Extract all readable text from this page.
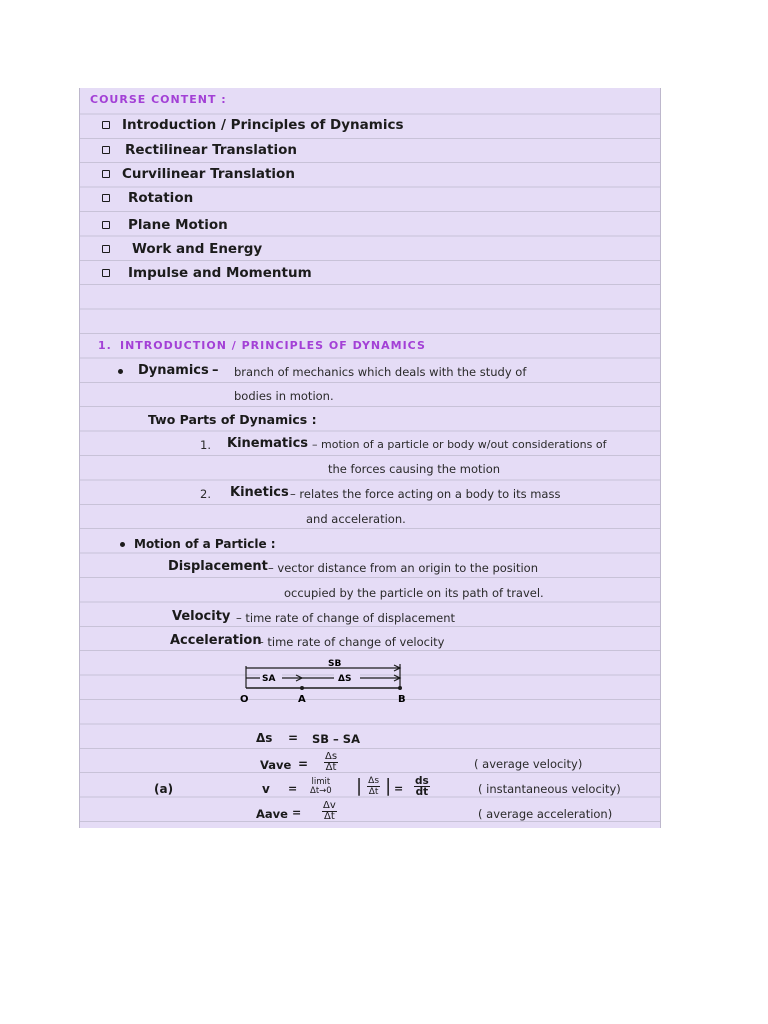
COURSE CONTENT :
Introduction / Principles of Dynamics
Rectilinear Translation
Curvilinear Translation
Rotation
Plane Motion
Work and Energy
Impulse and Momentum
1. INTRODUCTION / PRINCIPLES OF DYNAMICS
Dynamics – branch of mechanics which deals with the study of
bodies in motion.
Two Parts of Dynamics :
1. Kinematics – motion of a particle or body w/out considerations of
the forces causing the motion
2. Kinetics – relates the force acting on a body to its mass
and acceleration.
Motion of a Particle :
Displacement – vector distance from an origin to the position
occupied by the particle on its path of travel.
Velocity – time rate of change of displacement
Acceleration
– time rate of change of velocity
SB
SA	ΔS
O	A	B
Δs = SB – SA
Vave = $\frac{\Delta s}{\Delta t}$	( average velocity)
(a)	v =
limit
Δt→0 | $\frac{\Delta s}{\Delta t}$ | = $\frac{ds}{dt}$	( instantaneous velocity)
Aave = $\frac{\Delta v}{\Delta t}$	( average acceleration)
